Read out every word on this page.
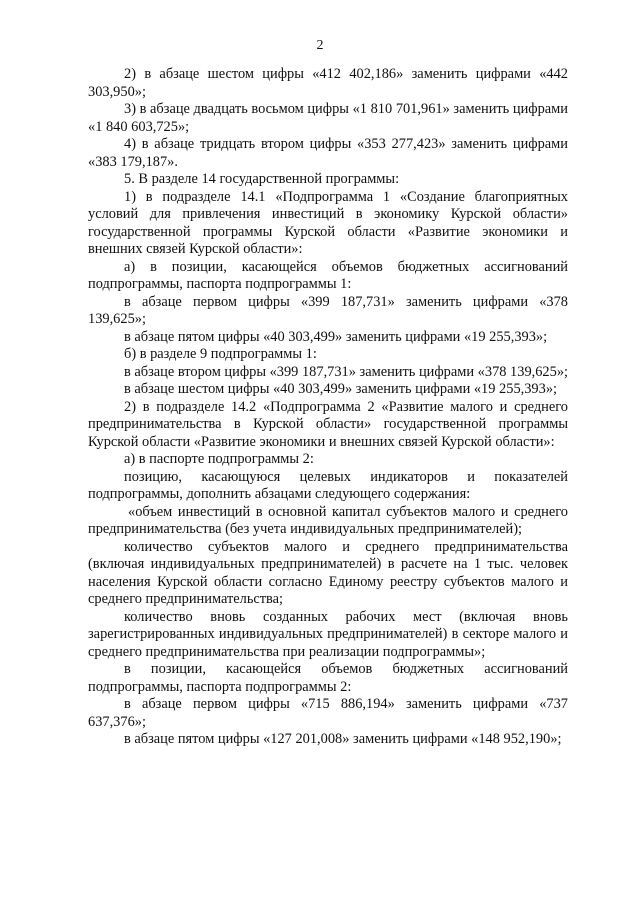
2

2) в абзаце шестом цифры «412 402,186» заменить цифрами «442 303,950»;

3) в абзаце двадцать восьмом цифры «1 810 701,961» заменить цифрами «1 840 603,725»;

4) в абзаце тридцать втором цифры «353 277,423» заменить цифрами «383 179,187».

5. В разделе 14 государственной программы:

1) в подразделе 14.1 «Подпрограмма 1 «Создание благоприятных условий для привлечения инвестиций в экономику Курской области» государственной программы Курской области «Развитие экономики и внешних связей Курской области»:

а) в позиции, касающейся объемов бюджетных ассигнований подпрограммы, паспорта подпрограммы 1:

в абзаце первом цифры «399 187,731» заменить цифрами «378 139,625»;

в абзаце пятом цифры «40 303,499» заменить цифрами «19 255,393»;

б) в разделе 9 подпрограммы 1:

в абзаце втором цифры «399 187,731» заменить цифрами «378 139,625»;

в абзаце шестом цифры «40 303,499» заменить цифрами «19 255,393»;

2) в подразделе 14.2 «Подпрограмма 2 «Развитие малого и среднего предпринимательства в Курской области» государственной программы Курской области «Развитие экономики и внешних связей Курской области»:

а) в паспорте подпрограммы 2:

позицию, касающуюся целевых индикаторов и показателей подпрограммы, дополнить абзацами следующего содержания:

«объем инвестиций в основной капитал субъектов малого и среднего предпринимательства (без учета индивидуальных предпринимателей);

количество субъектов малого и среднего предпринимательства (включая индивидуальных предпринимателей) в расчете на 1 тыс. человек населения Курской области согласно Единому реестру субъектов малого и среднего предпринимательства;

количество вновь созданных рабочих мест (включая вновь зарегистрированных индивидуальных предпринимателей) в секторе малого и среднего предпринимательства при реализации подпрограммы»;

в позиции, касающейся объемов бюджетных ассигнований подпрограммы, паспорта подпрограммы 2:

в абзаце первом цифры «715 886,194» заменить цифрами «737 637,376»;

в абзаце пятом цифры «127 201,008» заменить цифрами «148 952,190»;
